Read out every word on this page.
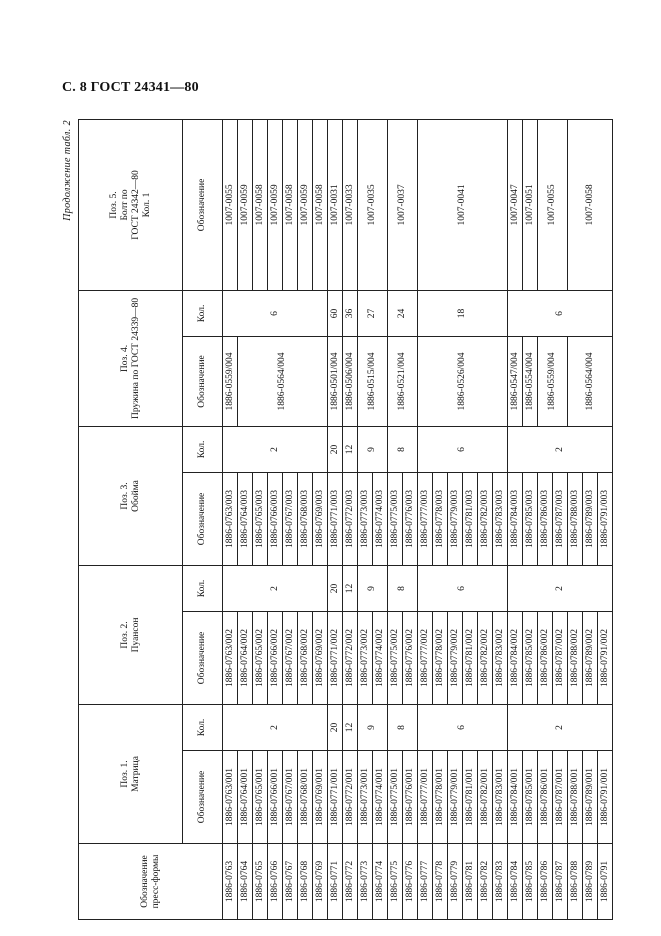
С. 8 ГОСТ 24341—80
Продолжение табл. 2
Обозначение пресс-формы	Поз. 1.
Матрица		Поз. 2.
Пуансон		Поз. 3.
Обойма		Поз. 4.
Пружина по ГОСТ 24339—80		Поз. 5.
Болт по
ГОСТ 24342—80
Кол. 1
	Обозначение	Кол.	Обозначение	Кол.	Обозначение	Кол.	Обозначение	Кол.	Обозначение
1886-0763	1886-0763/001	2	1886-0763/002	2	1886-0763/003	2	1886-0559/004	6	1007-0055
1886-0764	1886-0764/001		1886-0764/002		1886-0764/003		1886-0564/004		1007-0059
1886-0765	1886-0765/001		1886-0765/002		1886-0765/003				1007-0058
1886-0766	1886-0766/001		1886-0766/002		1886-0766/003				1007-0059
1886-0767	1886-0767/001		1886-0767/002		1886-0767/003				1007-0058
1886-0768	1886-0768/001		1886-0768/002		1886-0768/003				1007-0059
1886-0769	1886-0769/001		1886-0769/002		1886-0769/003				1007-0058
1886-0771	1886-0771/001	20	1886-0771/002	20	1886-0771/003	20	1886-0501/004	60	1007-0031
1886-0772	1886-0772/001	12	1886-0772/002	12	1886-0772/003	12	1886-0506/004	36	1007-0033
1886-0773	1886-0773/001	9	1886-0773/002	9	1886-0773/003	9	1886-0515/004	27	1007-0035
1886-0774	1886-0774/001		1886-0774/002		1886-0774/003				
1886-0775	1886-0775/001	8	1886-0775/002	8	1886-0775/003	8	1886-0521/004	24	1007-0037
1886-0776	1886-0776/001		1886-0776/002		1886-0776/003				
1886-0777	1886-0777/001	6	1886-0777/002	6	1886-0777/003	6	1886-0526/004	18	1007-0041
1886-0778	1886-0778/001		1886-0778/002		1886-0778/003				
1886-0779	1886-0779/001		1886-0779/002		1886-0779/003				
1886-0781	1886-0781/001		1886-0781/002		1886-0781/003				
1886-0782	1886-0782/001		1886-0782/002		1886-0782/003				
1886-0783	1886-0783/001		1886-0783/002		1886-0783/003				
1886-0784	1886-0784/001	2	1886-0784/002	2	1886-0784/003	2	1886-0547/004	6	1007-0047
1886-0785	1886-0785/001		1886-0785/002		1886-0785/003		1886-0554/004		1007-0051
1886-0786	1886-0786/001		1886-0786/002		1886-0786/003		1886-0559/004		1007-0055
1886-0787	1886-0787/001		1886-0787/002		1886-0787/003				
1886-0788	1886-0788/001		1886-0788/002		1886-0788/003		1886-0564/004		1007-0058
1886-0789	1886-0789/001		1886-0789/002		1886-0789/003				
1886-0791	1886-0791/001		1886-0791/002		1886-0791/003				
